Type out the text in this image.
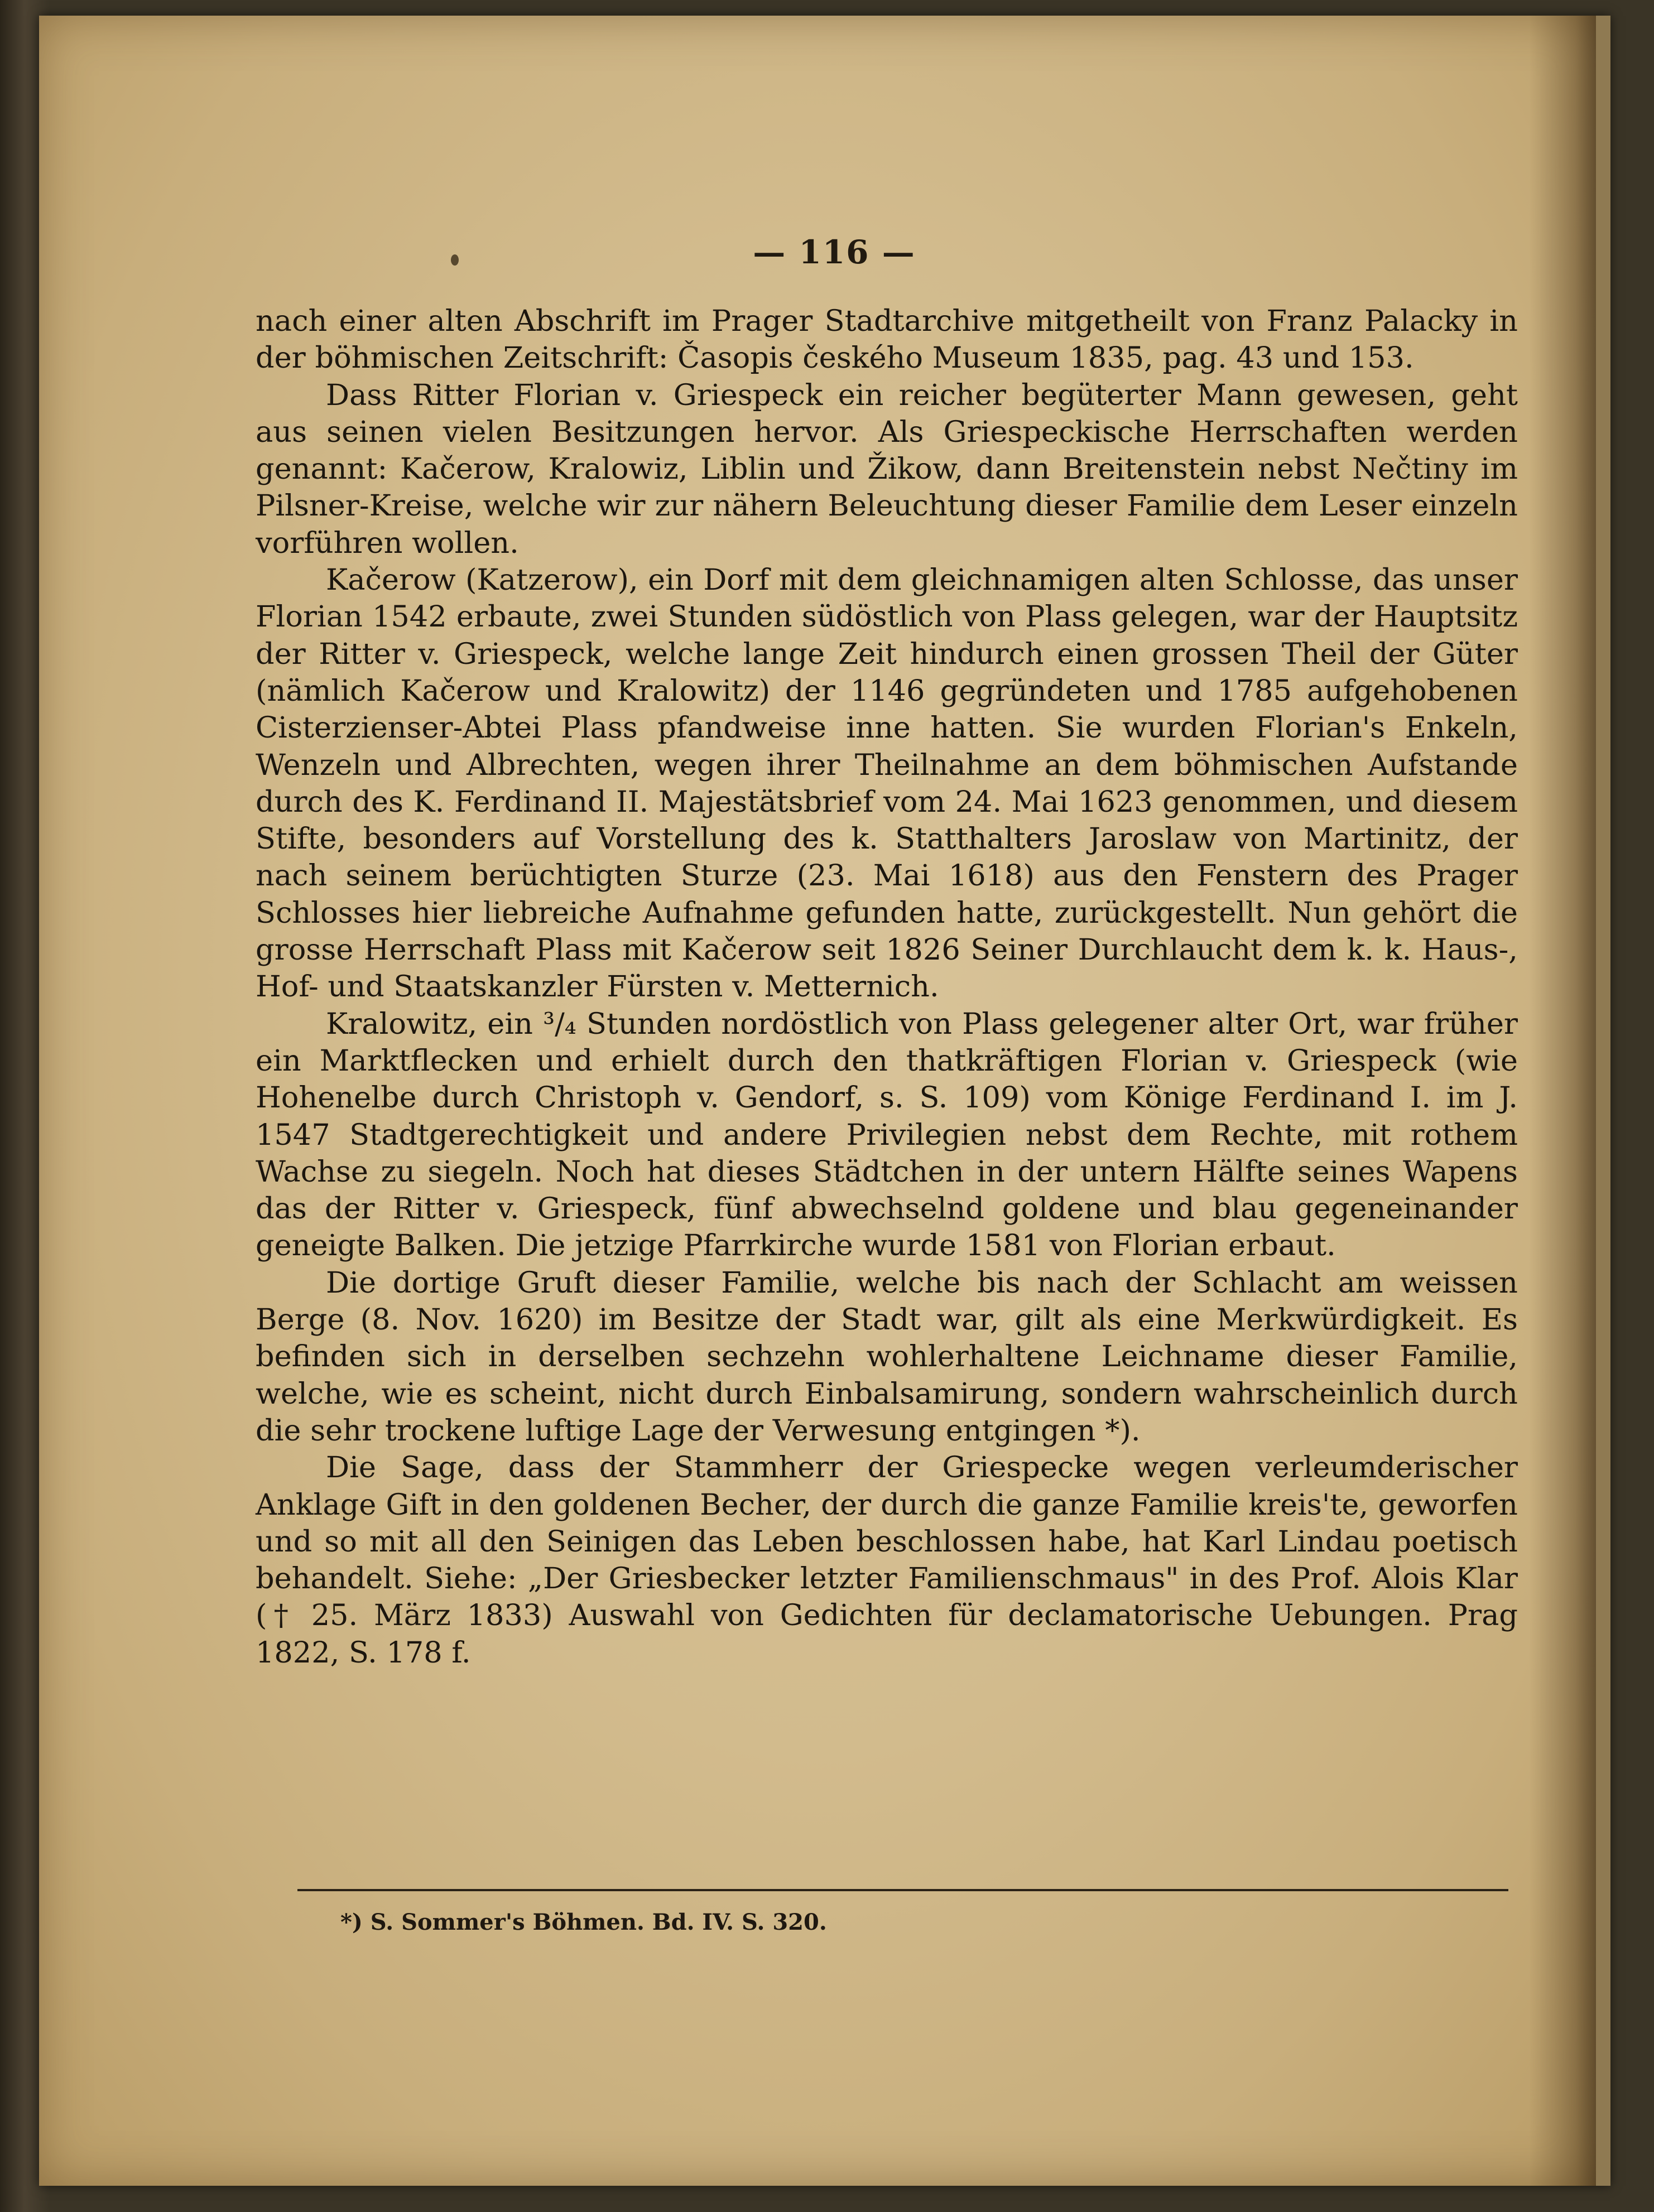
— 116 —

nach einer alten Abschrift im Prager Stadtarchive mitgetheilt von Franz Palacky in der böhmischen Zeitschrift: Časopis českého Museum 1835, pag. 43 und 153.

Dass Ritter Florian v. Griespeck ein reicher begüterter Mann gewesen, geht aus seinen vielen Besitzungen hervor. Als Griespeckische Herrschaften werden genannt: Kačerow, Kralowiz, Liblin und Žikow, dann Breitenstein nebst Nečtiny im Pilsner-Kreise, welche wir zur nähern Beleuchtung dieser Familie dem Leser einzeln vorführen wollen.

Kačerow (Katzerow), ein Dorf mit dem gleichnamigen alten Schlosse, das unser Florian 1542 erbaute, zwei Stunden südöstlich von Plass gelegen, war der Hauptsitz der Ritter v. Griespeck, welche lange Zeit hindurch einen grossen Theil der Güter (nämlich Kačerow und Kralowitz) der 1146 gegründeten und 1785 aufgehobenen Cisterzienser-Abtei Plass pfandweise inne hatten. Sie wurden Florian's Enkeln, Wenzeln und Albrechten, wegen ihrer Theilnahme an dem böhmischen Aufstande durch des K. Ferdinand II. Majestätsbrief vom 24. Mai 1623 genommen, und diesem Stifte, besonders auf Vorstellung des k. Statthalters Jaroslaw von Martinitz, der nach seinem berüchtigten Sturze (23. Mai 1618) aus den Fenstern des Prager Schlosses hier liebreiche Aufnahme gefunden hatte, zurückgestellt. Nun gehört die grosse Herrschaft Plass mit Kačerow seit 1826 Seiner Durchlaucht dem k. k. Haus-, Hof- und Staatskanzler Fürsten v. Metternich.

Kralowitz, ein ³/₄ Stunden nordöstlich von Plass gelegener alter Ort, war früher ein Marktflecken und erhielt durch den thatkräftigen Florian v. Griespeck (wie Hohenelbe durch Christoph v. Gendorf, s. S. 109) vom Könige Ferdinand I. im J. 1547 Stadtgerechtigkeit und andere Privilegien nebst dem Rechte, mit rothem Wachse zu siegeln. Noch hat dieses Städtchen in der untern Hälfte seines Wapens das der Ritter v. Griespeck, fünf abwechselnd goldene und blau gegeneinander geneigte Balken. Die jetzige Pfarrkirche wurde 1581 von Florian erbaut.

Die dortige Gruft dieser Familie, welche bis nach der Schlacht am weissen Berge (8. Nov. 1620) im Besitze der Stadt war, gilt als eine Merkwürdigkeit. Es befinden sich in derselben sechzehn wohlerhaltene Leichname dieser Familie, welche, wie es scheint, nicht durch Einbalsamirung, sondern wahrscheinlich durch die sehr trockene luftige Lage der Verwesung entgingen *).

Die Sage, dass der Stammherr der Griespecke wegen verleumderischer Anklage Gift in den goldenen Becher, der durch die ganze Familie kreis'te, geworfen und so mit all den Seinigen das Leben beschlossen habe, hat Karl Lindau poetisch behandelt. Siehe: „Der Griesbecker letzter Familienschmaus" in des Prof. Alois Klar († 25. März 1833) Auswahl von Gedichten für declamatorische Uebungen. Prag 1822, S. 178 f.

*) S. Sommer's Böhmen. Bd. IV. S. 320.
